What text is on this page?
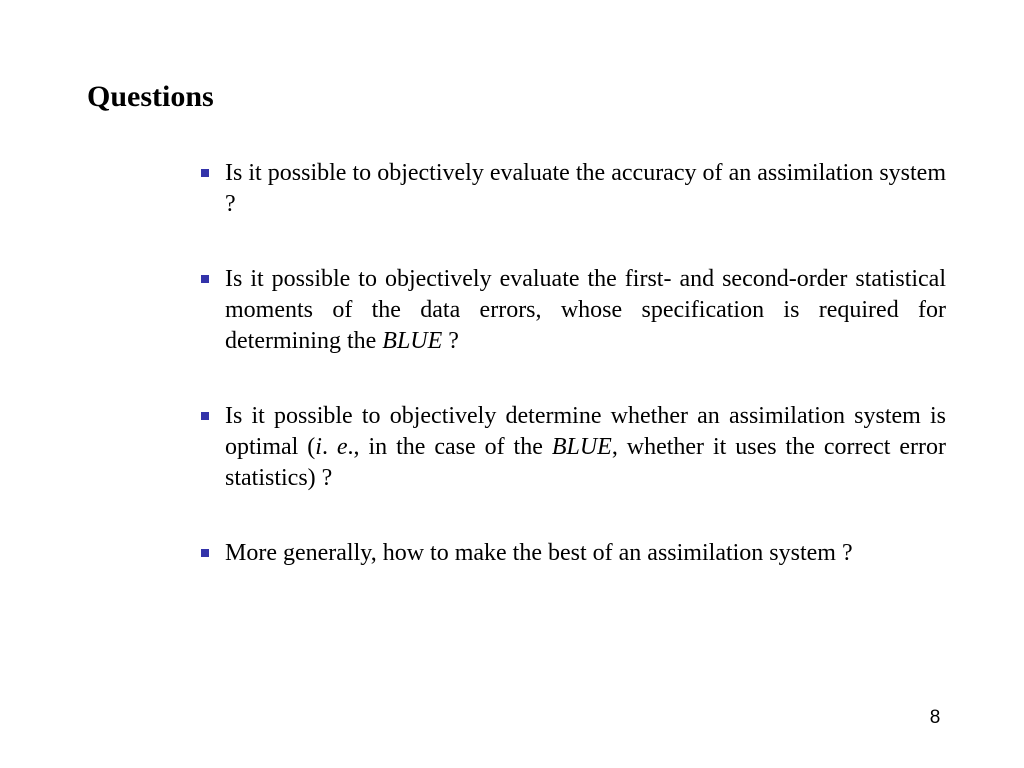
Questions
Is it possible to objectively evaluate the accuracy of an assimilation system ?
Is it possible to objectively evaluate the first- and second-order statistical moments of the data errors, whose specification is required for determining the BLUE ?
Is it possible to objectively determine whether an assimilation system is optimal (i. e., in the case of the BLUE, whether it uses the correct error statistics) ?
More generally, how to make the best of an assimilation system ?
8
